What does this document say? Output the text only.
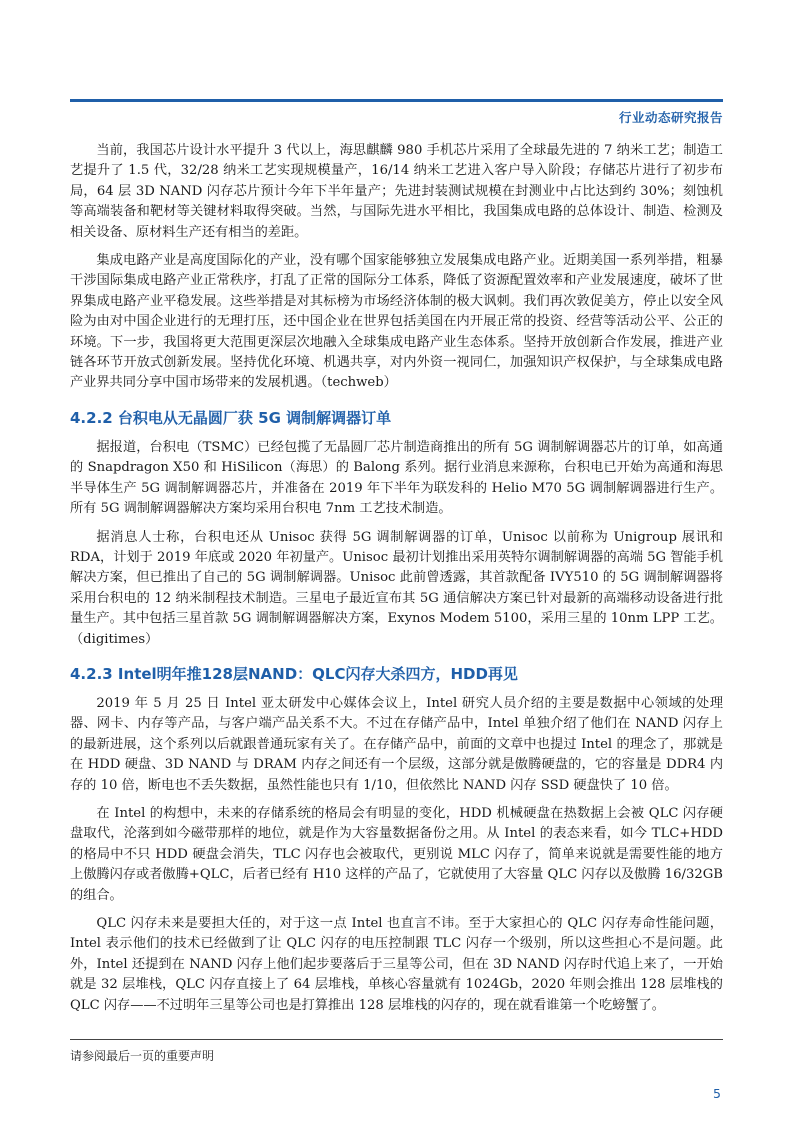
行业动态研究报告

当前，我国芯片设计水平提升 3 代以上，海思麒麟 980 手机芯片采用了全球最先进的 7 纳米工艺；制造工艺提升了 1.5 代，32/28 纳米工艺实现规模量产，16/14 纳米工艺进入客户导入阶段；存储芯片进行了初步布局，64 层 3D NAND 闪存芯片预计今年下半年量产；先进封装测试规模在封测业中占比达到约 30%；刻蚀机等高端装备和靶材等关键材料取得突破。当然，与国际先进水平相比，我国集成电路的总体设计、制造、检测及相关设备、原材料生产还有相当的差距。

集成电路产业是高度国际化的产业，没有哪个国家能够独立发展集成电路产业。近期美国一系列举措，粗暴干涉国际集成电路产业正常秩序，打乱了正常的国际分工体系，降低了资源配置效率和产业发展速度，破坏了世界集成电路产业平稳发展。这些举措是对其标榜为市场经济体制的极大讽刺。我们再次敦促美方，停止以安全风险为由对中国企业进行的无理打压，还中国企业在世界包括美国在内开展正常的投资、经营等活动公平、公正的环境。下一步，我国将更大范围更深层次地融入全球集成电路产业生态体系。坚持开放创新合作发展，推进产业链各环节开放式创新发展。坚持优化环境、机遇共享，对内外资一视同仁，加强知识产权保护，与全球集成电路产业界共同分享中国市场带来的发展机遇。（techweb）

4.2.2 台积电从无晶圆厂获 5G 调制解调器订单

据报道，台积电（TSMC）已经包揽了无晶圆厂芯片制造商推出的所有 5G 调制解调器芯片的订单，如高通的 Snapdragon X50 和 HiSilicon（海思）的 Balong 系列。据行业消息来源称，台积电已开始为高通和海思半导体生产 5G 调制解调器芯片，并准备在 2019 年下半年为联发科的 Helio M70 5G 调制解调器进行生产。所有 5G 调制解调器解决方案均采用台积电 7nm 工艺技术制造。

据消息人士称，台积电还从 Unisoc 获得 5G 调制解调器的订单，Unisoc 以前称为 Unigroup 展讯和 RDA，计划于 2019 年底或 2020 年初量产。Unisoc 最初计划推出采用英特尔调制解调器的高端 5G 智能手机解决方案，但已推出了自己的 5G 调制解调器。Unisoc 此前曾透露，其首款配备 IVY510 的 5G 调制解调器将采用台积电的 12 纳米制程技术制造。三星电子最近宣布其 5G 通信解决方案已针对最新的高端移动设备进行批量生产。其中包括三星首款 5G 调制解调器解决方案，Exynos Modem 5100，采用三星的 10nm LPP 工艺。（digitimes）

4.2.3 Intel明年推128层NAND：QLC闪存大杀四方，HDD再见

2019 年 5 月 25 日 Intel 亚太研发中心媒体会议上，Intel 研究人员介绍的主要是数据中心领域的处理器、网卡、内存等产品，与客户端产品关系不大。不过在存储产品中，Intel 单独介绍了他们在 NAND 闪存上的最新进展，这个系列以后就跟普通玩家有关了。在存储产品中，前面的文章中也提过 Intel 的理念了，那就是在 HDD 硬盘、3D NAND 与 DRAM 内存之间还有一个层级，这部分就是傲腾硬盘的，它的容量是 DDR4 内存的 10 倍，断电也不丢失数据，虽然性能也只有 1/10，但依然比 NAND 闪存 SSD 硬盘快了 10 倍。

在 Intel 的构想中，未来的存储系统的格局会有明显的变化，HDD 机械硬盘在热数据上会被 QLC 闪存硬盘取代，沦落到如今磁带那样的地位，就是作为大容量数据备份之用。从 Intel 的表态来看，如今 TLC+HDD 的格局中不只 HDD 硬盘会消失，TLC 闪存也会被取代，更别说 MLC 闪存了，简单来说就是需要性能的地方上傲腾闪存或者傲腾+QLC，后者已经有 H10 这样的产品了，它就使用了大容量 QLC 闪存以及傲腾 16/32GB 的组合。

QLC 闪存未来是要担大任的，对于这一点 Intel 也直言不讳。至于大家担心的 QLC 闪存寿命性能问题，Intel 表示他们的技术已经做到了让 QLC 闪存的电压控制跟 TLC 闪存一个级别，所以这些担心不是问题。此外，Intel 还提到在 NAND 闪存上他们起步要落后于三星等公司，但在 3D NAND 闪存时代追上来了，一开始就是 32 层堆栈，QLC 闪存直接上了 64 层堆栈，单核心容量就有 1024Gb，2020 年则会推出 128 层堆栈的 QLC 闪存——不过明年三星等公司也是打算推出 128 层堆栈的闪存的，现在就看谁第一个吃螃蟹了。

请参阅最后一页的重要声明
5
